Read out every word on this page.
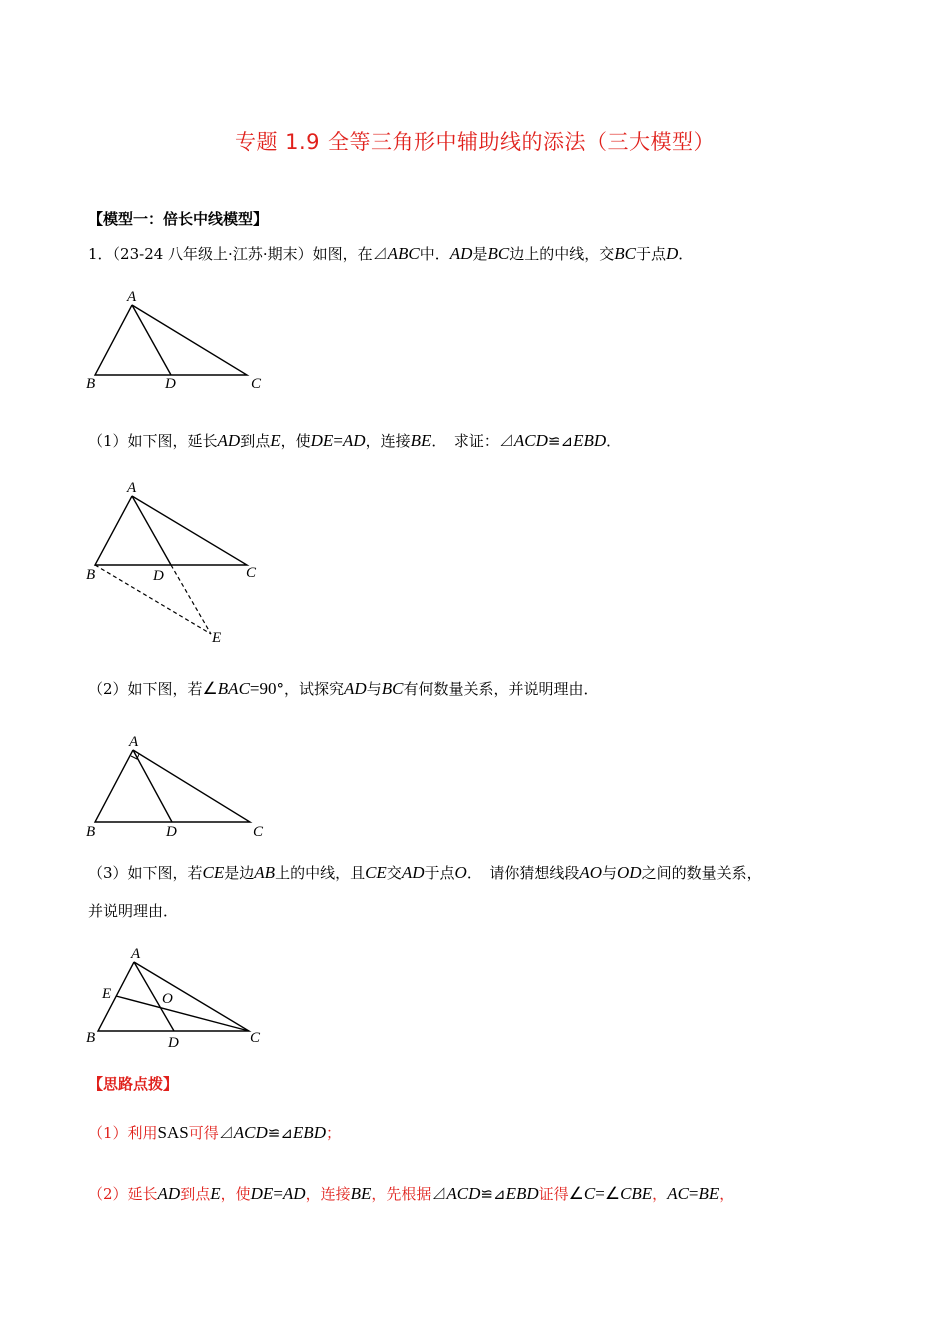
专题 1.9 全等三角形中辅助线的添法（三大模型）
【模型一：倍长中线模型】
1．（23-24 八年级上·江苏·期末）如图，在⊿ABC中．AD是BC边上的中线，交BC于点D．
A
B	D	C
（1）如下图，延长AD到点E，使DE=AD，连接BE．　求证：⊿ACD≌⊿EBD．
A
B	D	C
E
（2）如下图，若∠BAC=90°，试探究AD与BC有何数量关系，并说明理由．
A
B	D	C
（3）如下图，若CE是边AB上的中线，且CE交AD于点O．　请你猜想线段AO与OD之间的数量关系，
并说明理由．
A
E	O
B	D	C
【思路点拨】
（1）利用SAS可得⊿ACD≌⊿EBD；
（2）延长AD到点E，使DE=AD，连接BE，先根据⊿ACD≌⊿EBD证得∠C=∠CBE，AC=BE，
